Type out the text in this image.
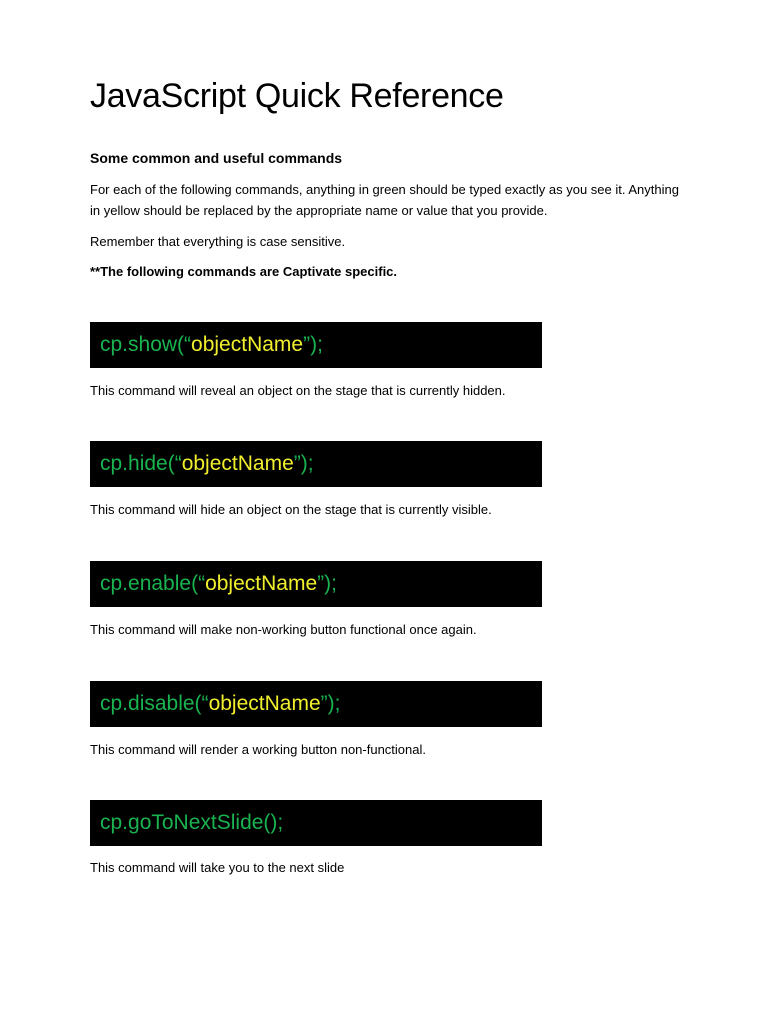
JavaScript Quick Reference
Some common and useful commands

For each of the following commands, anything in green should be typed exactly as you see it. Anything in yellow should be replaced by the appropriate name or value that you provide.

Remember that everything is case sensitive.

**The following commands are Captivate specific.

cp.show(“objectName”);

This command will reveal an object on the stage that is currently hidden.

cp.hide(“objectName”);

This command will hide an object on the stage that is currently visible.

cp.enable(“objectName”);

This command will make non-working button functional once again.

cp.disable(“objectName”);

This command will render a working button non-functional.

cp.goToNextSlide();

This command will take you to the next slide
